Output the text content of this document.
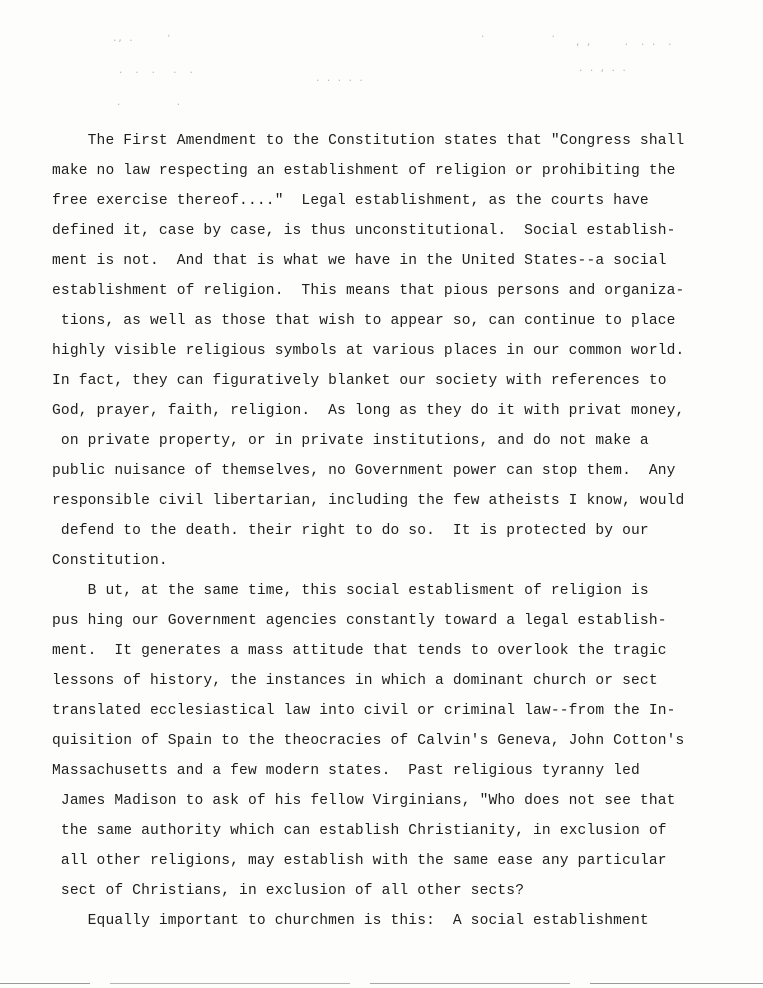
., .      '	.            .
, ,      .  . .  .
.  .  .   .  .
. . . . .
. . , . .
.          .
The First Amendment to the Constitution states that "Congress shall
make no law respecting an establishment of religion or prohibiting the
free exercise thereof...."  Legal establishment, as the courts have
defined it, case by case, is thus unconstitutional.  Social establish-
ment is not.  And that is what we have in the United States--a social
establishment of religion.  This means that pious persons and organiza-
tions, as well as those that wish to appear so, can continue to place
highly visible religious symbols at various places in our common world.
In fact, they can figuratively blanket our society with references to
God, prayer, faith, religion.  As long as they do it with privat money,
on private property, or in private institutions, and do not make a
public nuisance of themselves, no Government power can stop them.  Any
responsible civil libertarian, including the few atheists I know, would
defend to the death. their right to do so.  It is protected by our
Constitution.
B ut, at the same time, this social establisment of religion is
pus hing our Government agencies constantly toward a legal establish-
ment.  It generates a mass attitude that tends to overlook the tragic
lessons of history, the instances in which a dominant church or sect
translated ecclesiastical law into civil or criminal law--from the In-
quisition of Spain to the theocracies of Calvin's Geneva, John Cotton's
Massachusetts and a few modern states.  Past religious tyranny led
James Madison to ask of his fellow Virginians, "Who does not see that
the same authority which can establish Christianity, in exclusion of
all other religions, may establish with the same ease any particular
sect of Christians, in exclusion of all other sects?
Equally important to churchmen is this:  A social establishment
